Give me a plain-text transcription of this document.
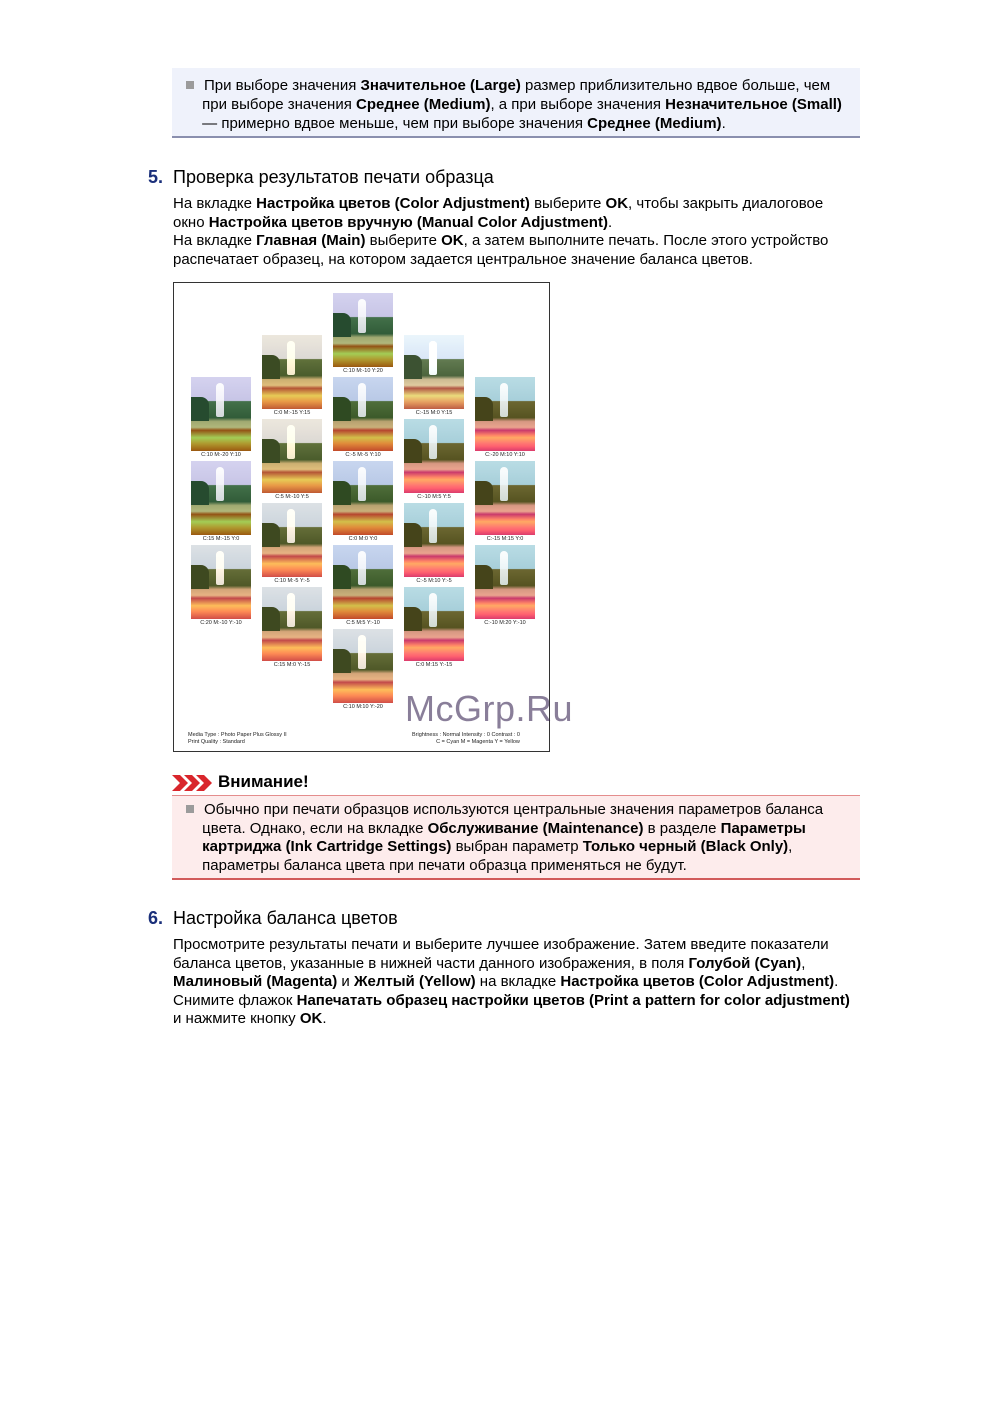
При выборе значения Значительное (Large) размер приблизительно вдвое больше, чем
при выборе значения Среднее (Medium), а при выборе значения Незначительное (Small)
— примерно вдвое меньше, чем при выборе значения Среднее (Medium).
5. Проверка результатов печати образца
На вкладке Настройка цветов (Color Adjustment) выберите OK, чтобы закрыть диалоговое
окно Настройка цветов вручную (Manual Color Adjustment).
На вкладке Главная (Main) выберите OK, а затем выполните печать. После этого устройство
распечатает образец, на котором задается центральное значение баланса цветов.
C:10 M:-10 Y:20
C:0 M:-15 Y:15	C:-15 M:0 Y:15
C:10 M:-20 Y:10	C:-5 M:-5 Y:10	C:-20 M:10 Y:10
C:5 M:-10 Y:5	C:-10 M:5 Y:5
C:15 M:-15 Y:0	C:0 M:0 Y:0	C:-15 M:15 Y:0
C:10 M:-5 Y:-5	C:-5 M:10 Y:-5
C:20 M:-10 Y:-10	C:5 M:5 Y:-10	C:-10 M:20 Y:-10
C:15 M:0 Y:-15	C:0 M:15 Y:-15
C:10 M:10 Y:-20
Media Type : Photo Paper Plus Glossy II
Print Quality : Standard
Brightness : Normal Intensity : 0 Contrast : 0
C = Cyan M = Magenta Y = Yellow
McGrp.Ru
Внимание!
Обычно при печати образцов используются центральные значения параметров баланса
цвета. Однако, если на вкладке Обслуживание (Maintenance) в разделе Параметры
картриджа (Ink Cartridge Settings) выбран параметр Только черный (Black Only),
параметры баланса цвета при печати образца применяться не будут.
6. Настройка баланса цветов
Просмотрите результаты печати и выберите лучшее изображение. Затем введите показатели
баланса цветов, указанные в нижней части данного изображения, в поля Голубой (Cyan),
Малиновый (Magenta) и Желтый (Yellow) на вкладке Настройка цветов (Color Adjustment).
Снимите флажок Напечатать образец настройки цветов (Print a pattern for color adjustment)
и нажмите кнопку OK.
